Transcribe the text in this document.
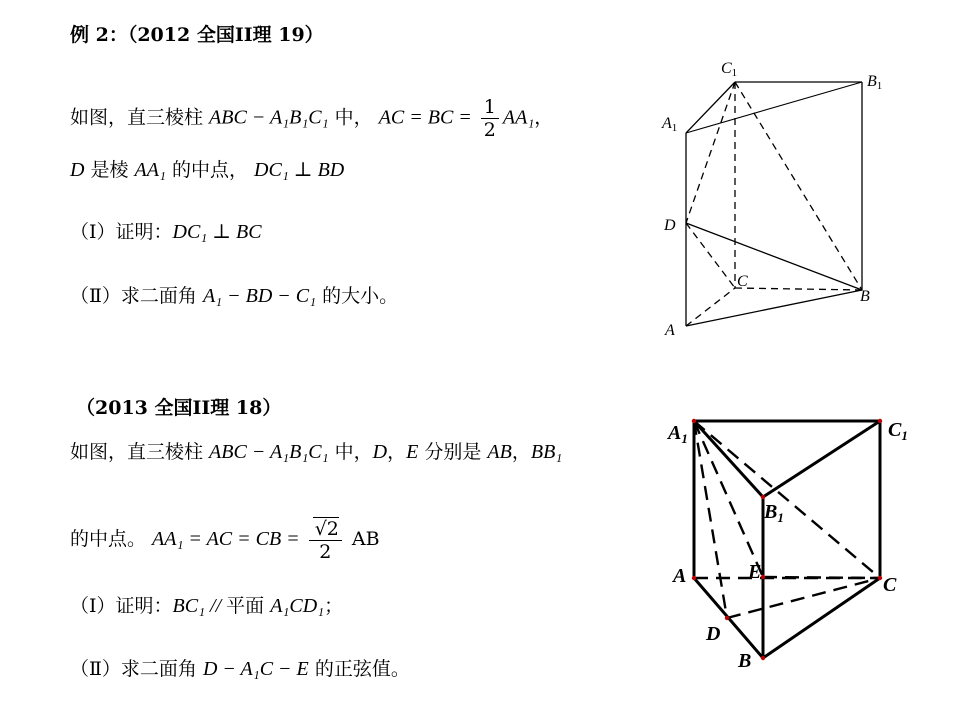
例 2：（2012 全国II理 19）
如图，直三棱柱 ABC − A₁B₁C₁ 中， AC = BC = $\frac{1}{2} AA_1$，
D 是棱 AA₁ 的中点， DC₁ ⊥ BD
（Ⅰ）证明：DC₁ ⊥ BC
（Ⅱ）求二面角 A₁ − BD − C₁ 的大小。
C1	B1
A1
D
C
B
A
（2013 全国II理 18）
如图，直三棱柱 ABC − A₁B₁C₁ 中，D，E 分别是 AB，BB₁
的中点。 AA₁ = AC = CB = $\frac{√2}{2}$ AB
（Ⅰ）证明：BC₁ // 平面 A₁CD₁；
（Ⅱ）求二面角 D − A₁C − E 的正弦值。
$A_1$	$C_1$
$B_1$
A	E
C
D
B
